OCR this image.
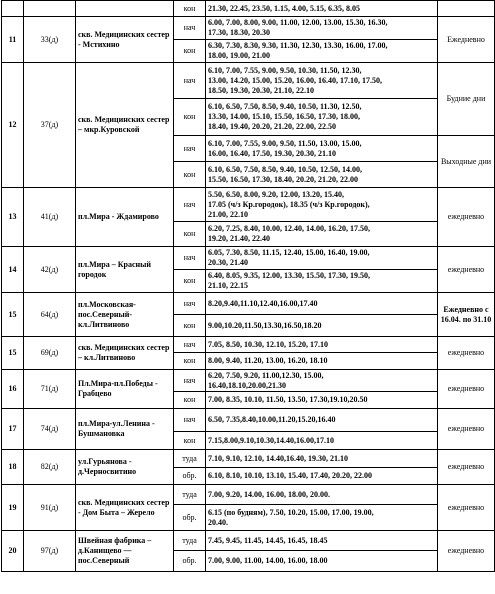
			кон	21.30, 22.45, 23.50, 1.15, 4.00, 5.15, 6.35, 8.05	

11	33(д)	скв. Медицинских сестер - Мстихино	нач	6.00, 7.00, 8.00, 9.00, 11.00, 12.00, 13.00, 15.30, 16.30,
17.30, 18.30, 20.30	Ежедневно
			кон	6.30, 7.30, 8.30, 9.30, 11.30, 12.30, 13.30, 16.00, 17.00,
18.00, 19.00, 21.00	

12	37(д)	скв. Медицинских сестер – мкр.Куровской	нач	6.10, 7.00, 7.55, 9.00, 9.50, 10.30, 11.50, 12.30,
13.00, 14.20, 15.00, 15.20, 16.00, 16.40, 17.10, 17.50,
18.50, 19.30, 20.30, 21.10, 22.10	Будние дни
			кон	6.10, 6.50, 7.50, 8.50, 9.40, 10.50, 11.30, 12.50,
13.30, 14.00, 15.10, 15.50, 16.50, 17.30, 18.00,
18.40, 19.40, 20.20, 21.20, 22.00, 22.50	

			нач	6.10, 7.00, 7.55, 9.00, 9.50, 11.50, 13.00, 15.00,
16.00, 16.40, 17.50, 19.30, 20.30, 21.10	Выходные дни
			кон	6.10, 6.50, 7.50, 8.50, 9.40, 10.50, 12.50, 14.00,
15.50, 16.50, 17.30, 18.40, 20.20, 21.20, 22.00	

13	41(д)	пл.Мира - Ждамирово	нач	5.50, 6.50, 8.00, 9.20, 12.00, 13.20, 15.40,
17.05 (ч/з Кр.городок), 18.35 (ч/з Кр.городок),
21.00, 22.10	ежедневно
			кон	6.20, 7.25, 8.40, 10.00, 12.40, 14.00, 16.20, 17.50,
19.20, 21.40, 22.40	

14	42(д)	пл.Мира – Красный городок	нач	6.05, 7.30, 8.50, 11.15, 12.40, 15.00, 16.40, 19.00,
20.30, 21.40	ежедневно
			кон	6.40, 8.05, 9.35, 12.00, 13.30, 15.50, 17.30, 19.50,
21.10, 22.15	

15	64(д)	пл.Московская-пос.Северный-кл.Литвиново	нач	8.20,9.40,11.10,12.40,16.00,17.40	Ежедневно с 16.04. по 31.10
			кон	9.00,10.20,11.50,13.30,16.50,18.20	

15	69(д)	скв. Медицинских сестер – кл.Литвиново	нач	7.05, 8.50, 10.30, 12.10, 15.20, 17.10	ежедневно
			кон	8.00, 9.40, 11.20, 13.00, 16.20, 18.10	

16	71(д)	Пл.Мира-пл.Победы - Грабцево	нач	6.20, 7.50, 9.20, 11.00,12.30, 15.00,
16.40,18.10,20.00,21.30	ежедневно
			кон	7.00, 8.35, 10.10, 11.50, 13.50, 17.30,19.10,20.50	

17	74(д)	пл.Мира-ул.Ленина - Бушмановка	нач	6.50, 7.35,8.40,10.00,11.20,15.20,16.40	ежедневно
			кон	7.15,8.00,9.10,10.30,14.40,16.00,17.10	

18	82(д)	ул.Гурьянова - д.Черносвитино	туда	7.10, 9.10, 12.10, 14.40,16.40, 19.30, 21.10	ежедневно
			обр.	6.10, 8.10, 10.10, 13.10, 15.40, 17.40, 20.20, 22.00	

19	91(д)	скв. Медицинских сестер - Дом Быта – Жерело	туда	7.00, 9.20, 14.00, 16.00, 18.00, 20.00.	ежедневно
			обр.	6.15 (по будням), 7.50, 10.20, 15.00, 17.00, 19.00,
20.40.	

20	97(д)	Швейная фабрика – д.Канищево — пос.Северный	туда	7.45, 9.45, 11.45, 14.45, 16.45, 18.45	ежедневно
			обр.	7.00, 9.00, 11.00, 14.00, 16.00, 18.00	
